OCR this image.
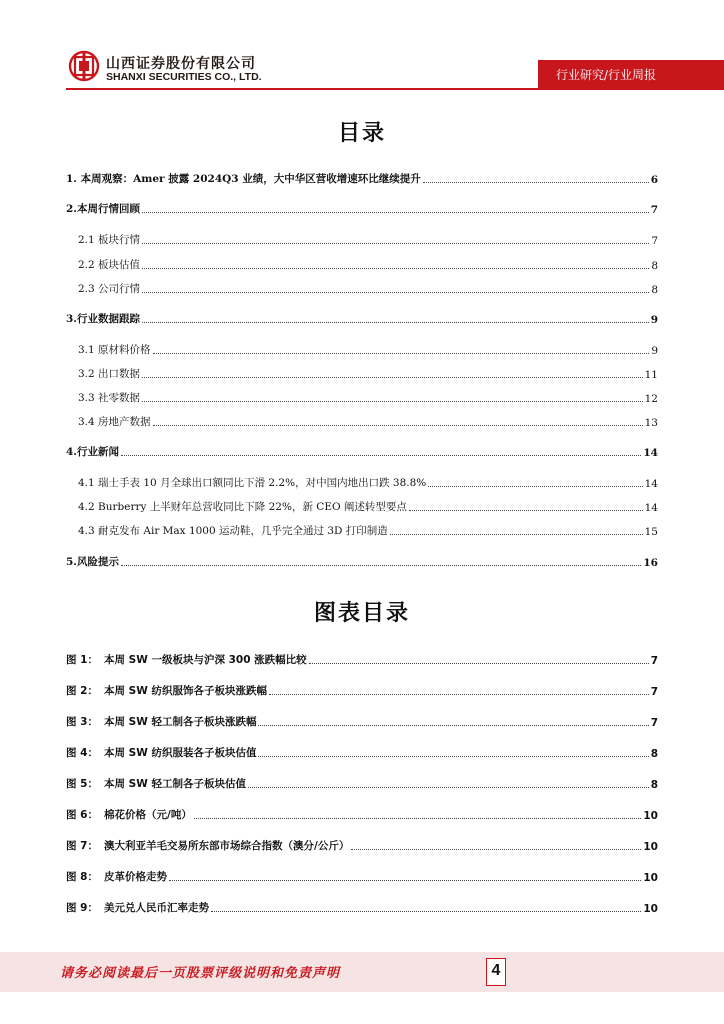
山西证券股份有限公司
SHANXI SECURITIES CO., LTD.	行业研究/行业周报
目录
1. 本周观察：Amer 披露 2024Q3 业绩，大中华区营收增速环比继续提升	6
2.本周行情回顾	7
2.1 板块行情	7
2.2 板块估值	8
2.3 公司行情	8
3.行业数据跟踪	9
3.1 原材料价格	9
3.2 出口数据	11
3.3 社零数据	12
3.4 房地产数据	13
4.行业新闻	14
4.1 瑞士手表 10 月全球出口额同比下滑 2.2%，对中国内地出口跌 38.8%	14
4.2 Burberry 上半财年总营收同比下降 22%，新 CEO 阐述转型要点	14
4.3 耐克发布 Air Max 1000 运动鞋，几乎完全通过 3D 打印制造	15
5.风险提示	16
图表目录
图 1： 本周 SW 一级板块与沪深 300 涨跌幅比较	7
图 2： 本周 SW 纺织服饰各子板块涨跌幅	7
图 3： 本周 SW 轻工制各子板块涨跌幅	7
图 4： 本周 SW 纺织服装各子板块估值	8
图 5： 本周 SW 轻工制各子板块估值	8
图 6： 棉花价格（元/吨）	10
图 7： 澳大利亚羊毛交易所东部市场综合指数（澳分/公斤）	10
图 8： 皮革价格走势	10
图 9： 美元兑人民币汇率走势	10
请务必阅读最后一页股票评级说明和免责声明	4
